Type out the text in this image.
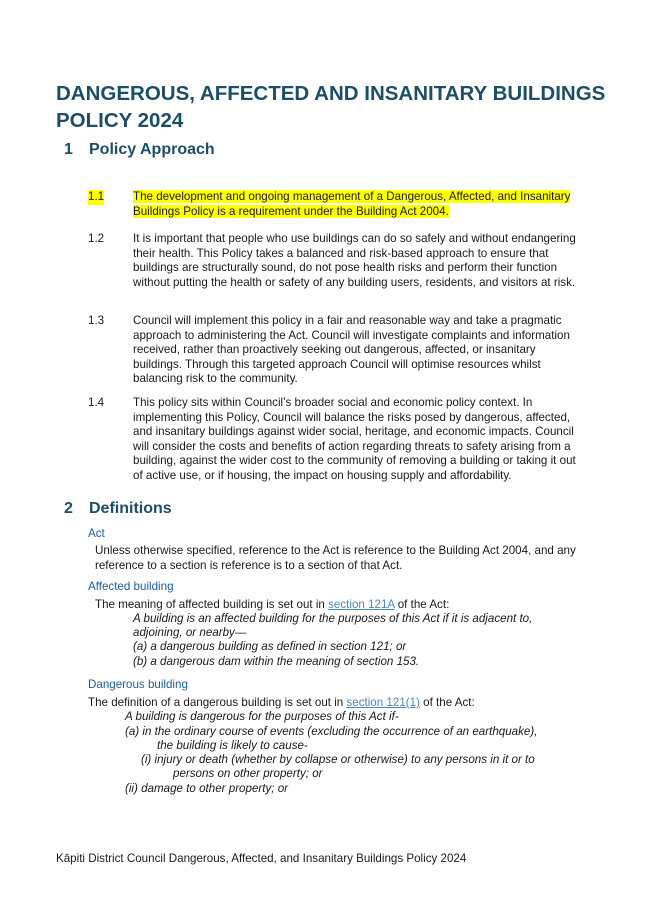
DANGEROUS, AFFECTED AND INSANITARY BUILDINGS POLICY 2024
1 Policy Approach
1.1 The development and ongoing management of a Dangerous, Affected, and Insanitary Buildings Policy is a requirement under the Building Act 2004.
1.2 It is important that people who use buildings can do so safely and without endangering their health. This Policy takes a balanced and risk-based approach to ensure that buildings are structurally sound, do not pose health risks and perform their function without putting the health or safety of any building users, residents, and visitors at risk.
1.3 Council will implement this policy in a fair and reasonable way and take a pragmatic approach to administering the Act. Council will investigate complaints and information received, rather than proactively seeking out dangerous, affected, or insanitary buildings. Through this targeted approach Council will optimise resources whilst balancing risk to the community.
1.4 This policy sits within Council’s broader social and economic policy context. In implementing this Policy, Council will balance the risks posed by dangerous, affected, and insanitary buildings against wider social, heritage, and economic impacts. Council will consider the costs and benefits of action regarding threats to safety arising from a building, against the wider cost to the community of removing a building or taking it out of active use, or if housing, the impact on housing supply and affordability.
2 Definitions
Act

Unless otherwise specified, reference to the Act is reference to the Building Act 2004, and any reference to a section is reference is to a section of that Act.

Affected building

The meaning of affected building is set out in section 121A of the Act:

A building is an affected building for the purposes of this Act if it is adjacent to,

adjoining, or nearby—

(a) a dangerous building as defined in section 121; or

(b) a dangerous dam within the meaning of section 153.

Dangerous building

The definition of a dangerous building is set out in section 121(1) of the Act:

A building is dangerous for the purposes of this Act if-

(a) in the ordinary course of events (excluding the occurrence of an earthquake),

the building is likely to cause-

(i) injury or death (whether by collapse or otherwise) to any persons in it or to

persons on other property; or

(ii) damage to other property; or

Kāpiti District Council Dangerous, Affected, and Insanitary Buildings Policy 2024
